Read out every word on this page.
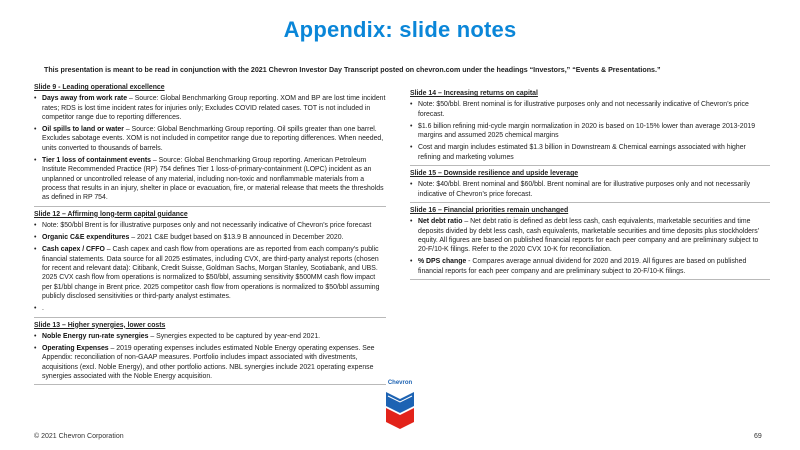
Appendix: slide notes
This presentation is meant to be read in conjunction with the 2021 Chevron Investor Day Transcript posted on chevron.com under the headings “Investors,” “Events & Presentations.”
Slide 9 - Leading operational excellence
• Days away from work rate – Source: Global Benchmarking Group reporting. XOM and BP are lost time incident rates; RDS is lost time incident rates for injuries only; Excludes COVID related cases. TOT is not included in competitor range due to reporting differences.
• Oil spills to land or water – Source: Global Benchmarking Group reporting. Oil spills greater than one barrel. Excludes sabotage events. XOM is not included in competitor range due to reporting differences. When needed, units converted to thousands of barrels.
• Tier 1 loss of containment events – Source: Global Benchmarking Group reporting. American Petroleum Institute Recommended Practice (RP) 754 defines Tier 1 loss-of-primary-containment (LOPC) incident as an unplanned or uncontrolled release of any material, including non-toxic and nonflammable materials from a process that results in an injury, shelter in place or evacuation, fire, or material release that meets the thresholds as defined in RP 754.
Slide 12 – Affirming long-term capital guidance
• Note: $50/bbl Brent is for illustrative purposes only and not necessarily indicative of Chevron’s price forecast
• Organic C&E expenditures – 2021 C&E budget based on $13.9 B announced in December 2020.
• Cash capex / CFFO – Cash capex and cash flow from operations are as reported from each company’s public financial statements. Data source for all 2025 estimates, including CVX, are third-party analyst reports (chosen for recent and relevant data): Citibank, Credit Suisse, Goldman Sachs, Morgan Stanley, Scotiabank, and UBS. 2025 CVX cash flow from operations is normalized to $50/bbl, assuming sensitivity $500MM cash flow impact per $1/bbl change in Brent price. 2025 competitor cash flow from operations is normalized to $50/bbl assuming publicly disclosed sensitivities or third-party analyst estimates.
• .
Slide 13 – Higher synergies, lower costs
• Noble Energy run-rate synergies – Synergies expected to be captured by year-end 2021.
• Operating Expenses – 2019 operating expenses includes estimated Noble Energy operating expenses. See Appendix: reconciliation of non-GAAP measures. Portfolio includes impact associated with divestments, acquisitions (excl. Noble Energy), and other portfolio actions. NBL synergies include 2021 operating expense synergies associated with the Noble Energy acquisition.
Slide 14 – Increasing returns on capital
• Note: $50/bbl. Brent nominal is for illustrative purposes only and not necessarily indicative of Chevron’s price forecast.
• $1.6 billion refining mid-cycle margin normalization in 2020 is based on 10-15% lower than average 2013-2019 margins and assumed 2025 chemical margins
• Cost and margin includes estimated $1.3 billion in Downstream & Chemical earnings associated with higher refining and marketing volumes
Slide 15 – Downside resilience and upside leverage
• Note: $40/bbl. Brent nominal and $60/bbl. Brent nominal are for illustrative purposes only and not necessarily indicative of Chevron’s price forecast.
Slide 16 – Financial priorities remain unchanged
• Net debt ratio – Net debt ratio is defined as debt less cash, cash equivalents, marketable securities and time deposits divided by debt less cash, cash equivalents, marketable securities and time deposits plus stockholders’ equity. All figures are based on published financial reports for each peer company and are preliminary subject to 20-F/10-K filings. Refer to the 2020 CVX 10-K for reconciliation.
• % DPS change - Compares average annual dividend for 2020 and 2019. All figures are based on published financial reports for each peer company and are preliminary subject to 20-F/10-K filings.
Chevron
© 2021 Chevron Corporation	69
